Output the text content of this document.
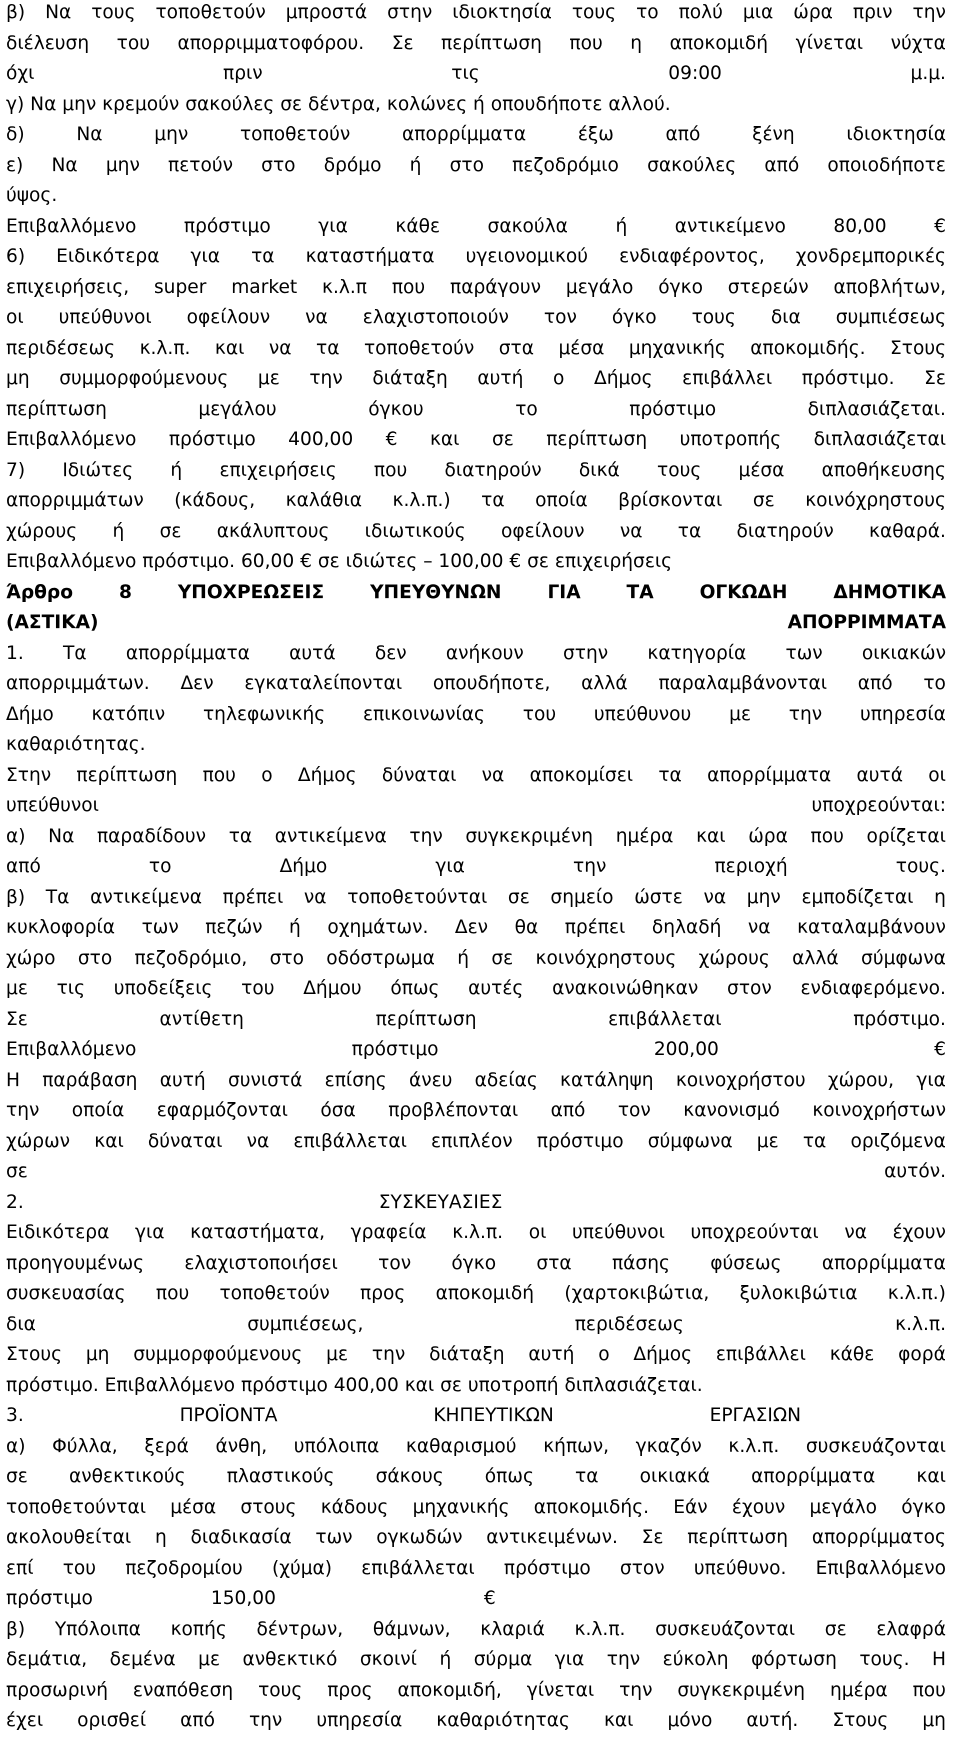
β) Να τους τοποθετούν μπροστά στην ιδιοκτησία τους το πολύ μια ώρα πριν την
διέλευση του απορριμματοφόρου. Σε περίπτωση που η αποκομιδή γίνεται νύχτα
όχι	πριν	τις	09:00	μ.μ.
γ) Να μην κρεμούν σακούλες σε δέντρα, κολώνες ή οπουδήποτε αλλού.
δ)	Να	μην	τοποθετούν	απορρίμματα	έξω	από	ξένη	ιδιοκτησία
ε) Να μην πετούν στο δρόμο ή στο πεζοδρόμιο σακούλες από οποιοδήποτε
ύψος.
Επιβαλλόμενο	πρόστιμο	για	κάθε	σακούλα	ή	αντικείμενο	80,00	€
6) Ειδικότερα για τα καταστήματα υγειονομικού ενδιαφέροντος, χονδρεμπορικές
επιχειρήσεις, super market κ.λ.π που παράγουν μεγάλο όγκο στερεών αποβλήτων,
οι υπεύθυνοι οφείλουν να ελαχιστοποιούν τον όγκο τους δια συμπιέσεως
περιδέσεως κ.λ.π. και να τα τοποθετούν στα μέσα μηχανικής αποκομιδής. Στους
μη συμμορφούμενους με την διάταξη αυτή ο Δήμος επιβάλλει πρόστιμο. Σε
περίπτωση	μεγάλου	όγκου	το	πρόστιμο	διπλασιάζεται.
Επιβαλλόμενο πρόστιμο 400,00 € και σε περίπτωση υποτροπής διπλασιάζεται
7) Ιδιώτες ή επιχειρήσεις που διατηρούν δικά τους μέσα αποθήκευσης
απορριμμάτων (κάδους, καλάθια κ.λ.π.) τα οποία βρίσκονται σε κοινόχρηστους
χώρους ή σε ακάλυπτους ιδιωτικούς οφείλουν να τα διατηρούν καθαρά.
Επιβαλλόμενο πρόστιμο. 60,00 € σε ιδιώτες – 100,00 € σε επιχειρήσεις
Άρθρο 8 ΥΠΟΧΡΕΩΣΕΙΣ ΥΠΕΥΘΥΝΩΝ ΓΙΑ ΤΑ ΟΓΚΩΔΗ ΔΗΜΟΤΙΚΑ
(ΑΣΤΙΚΑ)	ΑΠΟΡΡΙΜΜΑΤΑ
1. Τα απορρίμματα αυτά δεν ανήκουν στην κατηγορία των οικιακών
απορριμμάτων. Δεν εγκαταλείπονται οπουδήποτε, αλλά παραλαμβάνονται από το
Δήμο κατόπιν τηλεφωνικής επικοινωνίας του υπεύθυνου με την υπηρεσία
καθαριότητας.
Στην περίπτωση που ο Δήμος δύναται να αποκομίσει τα απορρίμματα αυτά οι
υπεύθυνοι	υποχρεούνται:
α) Να παραδίδουν τα αντικείμενα την συγκεκριμένη ημέρα και ώρα που ορίζεται
από	το	Δήμο	για	την	περιοχή	τους.
β) Τα αντικείμενα πρέπει να τοποθετούνται σε σημείο ώστε να μην εμποδίζεται η
κυκλοφορία των πεζών ή οχημάτων. Δεν θα πρέπει δηλαδή να καταλαμβάνουν
χώρο στο πεζοδρόμιο, στο οδόστρωμα ή σε κοινόχρηστους χώρους αλλά σύμφωνα
με τις υποδείξεις του Δήμου όπως αυτές ανακοινώθηκαν στον ενδιαφερόμενο.
Σε	αντίθετη	περίπτωση	επιβάλλεται	πρόστιμο.
Επιβαλλόμενο	πρόστιμο	200,00	€
Η παράβαση αυτή συνιστά επίσης άνευ αδείας κατάληψη κοινοχρήστου χώρου, για
την οποία εφαρμόζονται όσα προβλέπονται από τον κανονισμό κοινοχρήστων
χώρων και δύναται να επιβάλλεται επιπλέον πρόστιμο σύμφωνα με τα οριζόμενα
σε	αυτόν.
2.	ΣΥΣΚΕΥΑΣΙΕΣ
Ειδικότερα για καταστήματα, γραφεία κ.λ.π. οι υπεύθυνοι υποχρεούνται να έχουν
προηγουμένως ελαχιστοποιήσει τον όγκο στα πάσης φύσεως απορρίμματα
συσκευασίας που τοποθετούν προς αποκομιδή (χαρτοκιβώτια, ξυλοκιβώτια κ.λ.π.)
δια	συμπιέσεως,	περιδέσεως	κ.λ.π.
Στους μη συμμορφούμενους με την διάταξη αυτή ο Δήμος επιβάλλει κάθε φορά
πρόστιμο. Επιβαλλόμενο πρόστιμο 400,00 και σε υποτροπή διπλασιάζεται.
3.	ΠΡΟΪΟΝΤΑ	ΚΗΠΕΥΤΙΚΩΝ	ΕΡΓΑΣΙΩΝ
α) Φύλλα, ξερά άνθη, υπόλοιπα καθαρισμού κήπων, γκαζόν κ.λ.π. συσκευάζονται
σε ανθεκτικούς πλαστικούς σάκους όπως τα οικιακά απορρίμματα και
τοποθετούνται μέσα στους κάδους μηχανικής αποκομιδής. Εάν έχουν μεγάλο όγκο
ακολουθείται η διαδικασία των ογκωδών αντικειμένων. Σε περίπτωση απορρίμματος
επί του πεζοδρομίου (χύμα) επιβάλλεται πρόστιμο στον υπεύθυνο. Επιβαλλόμενο
πρόστιμο	150,00	€
β) Υπόλοιπα κοπής δέντρων, θάμνων, κλαριά κ.λ.π. συσκευάζονται σε ελαφρά
δεμάτια, δεμένα με ανθεκτικό σκοινί ή σύρμα για την εύκολη φόρτωση τους. Η
προσωρινή εναπόθεση τους προς αποκομιδή, γίνεται την συγκεκριμένη ημέρα που
έχει ορισθεί από την υπηρεσία καθαριότητας και μόνο αυτή. Στους μη
